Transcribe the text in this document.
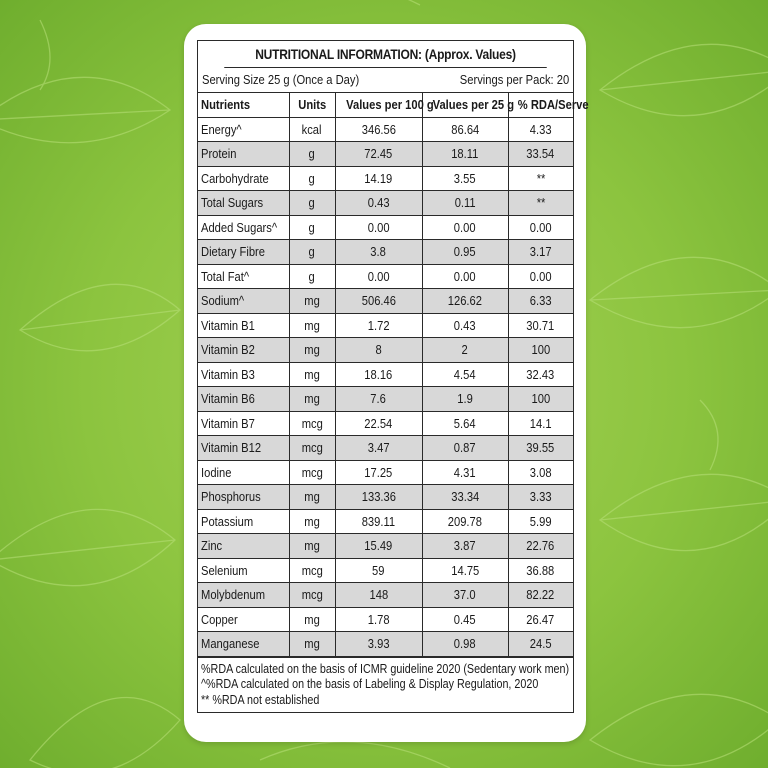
NUTRITIONAL INFORMATION: (Approx. Values)
Serving Size 25 g (Once a Day)	Servings per Pack: 20
Nutrients	Units	Values per 100 g	Values per 25 g	% RDA/Serve
Energy^	kcal	346.56	86.64	4.33
Protein	g	72.45	18.11	33.54
Carbohydrate	g	14.19	3.55	**
Total Sugars	g	0.43	0.11	**
Added Sugars^	g	0.00	0.00	0.00
Dietary Fibre	g	3.8	0.95	3.17
Total Fat^	g	0.00	0.00	0.00
Sodium^	mg	506.46	126.62	6.33
Vitamin B1	mg	1.72	0.43	30.71
Vitamin B2	mg	8	2	100
Vitamin B3	mg	18.16	4.54	32.43
Vitamin B6	mg	7.6	1.9	100
Vitamin B7	mcg	22.54	5.64	14.1
Vitamin B12	mcg	3.47	0.87	39.55
Iodine	mcg	17.25	4.31	3.08
Phosphorus	mg	133.36	33.34	3.33
Potassium	mg	839.11	209.78	5.99
Zinc	mg	15.49	3.87	22.76
Selenium	mcg	59	14.75	36.88
Molybdenum	mcg	148	37.0	82.22
Copper	mg	1.78	0.45	26.47
Manganese	mg	3.93	0.98	24.5
%RDA calculated on the basis of ICMR guideline 2020 (Sedentary work men)
^%RDA calculated on the basis of Labeling & Display Regulation, 2020
** %RDA not established
